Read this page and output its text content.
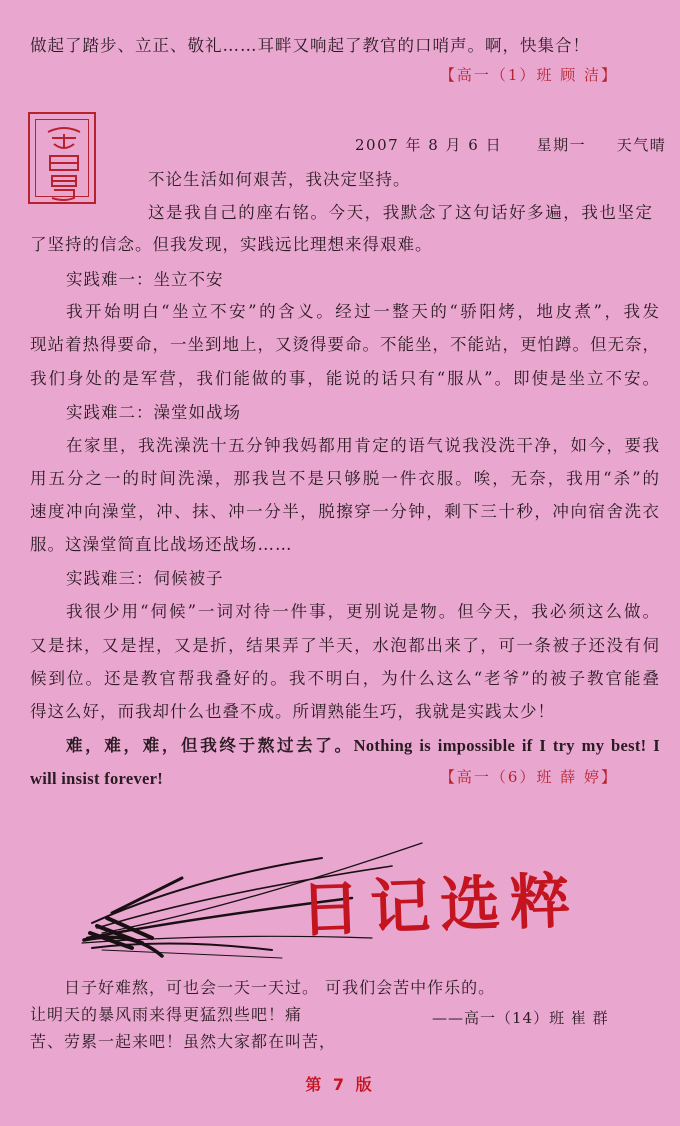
做起了踏步、立正、敬礼……耳畔又响起了教官的口哨声。啊，快集合！
【高一（1）班 顾 洁】
2007 年 8 月 6 日 星期一 天气晴
不论生活如何艰苦，我决定坚持。
这是我自己的座右铭。今天，我默念了这句话好多遍，我也坚定
了坚持的信念。但我发现，实践远比理想来得艰难。
实践难一：坐立不安
我开始明白“坐立不安”的含义。经过一整天的“骄阳烤，地皮煮”，我发
现站着热得要命，一坐到地上，又烫得要命。不能坐，不能站，更怕蹲。但无奈，
我们身处的是军营，我们能做的事，能说的话只有“服从”。即使是坐立不安。
实践难二：澡堂如战场
在家里，我洗澡洗十五分钟我妈都用肯定的语气说我没洗干净，如今，要我
用五分之一的时间洗澡，那我岂不是只够脱一件衣服。唉，无奈，我用“杀”的
速度冲向澡堂，冲、抹、冲一分半，脱擦穿一分钟，剩下三十秒，冲向宿舍洗衣
服。这澡堂简直比战场还战场……
实践难三：伺候被子
我很少用“伺候”一词对待一件事，更别说是物。但今天，我必须这么做。
又是抹，又是捏，又是折，结果弄了半天，水泡都出来了，可一条被子还没有伺
候到位。还是教官帮我叠好的。我不明白，为什么这么“老爷”的被子教官能叠
得这么好，而我却什么也叠不成。所谓熟能生巧，我就是实践太少！
难，难，难，但我终于熬过去了。Nothing is impossible if I try my best! I
will insist forever!	【高一（6）班 薛 婷】
日记选粹
日子好难熬，可也会一天一天过。 可我们会苦中作乐的。
让明天的暴风雨来得更猛烈些吧！痛
苦、劳累一起来吧！虽然大家都在叫苦，
——高一（14）班 崔 群
第 7 版
